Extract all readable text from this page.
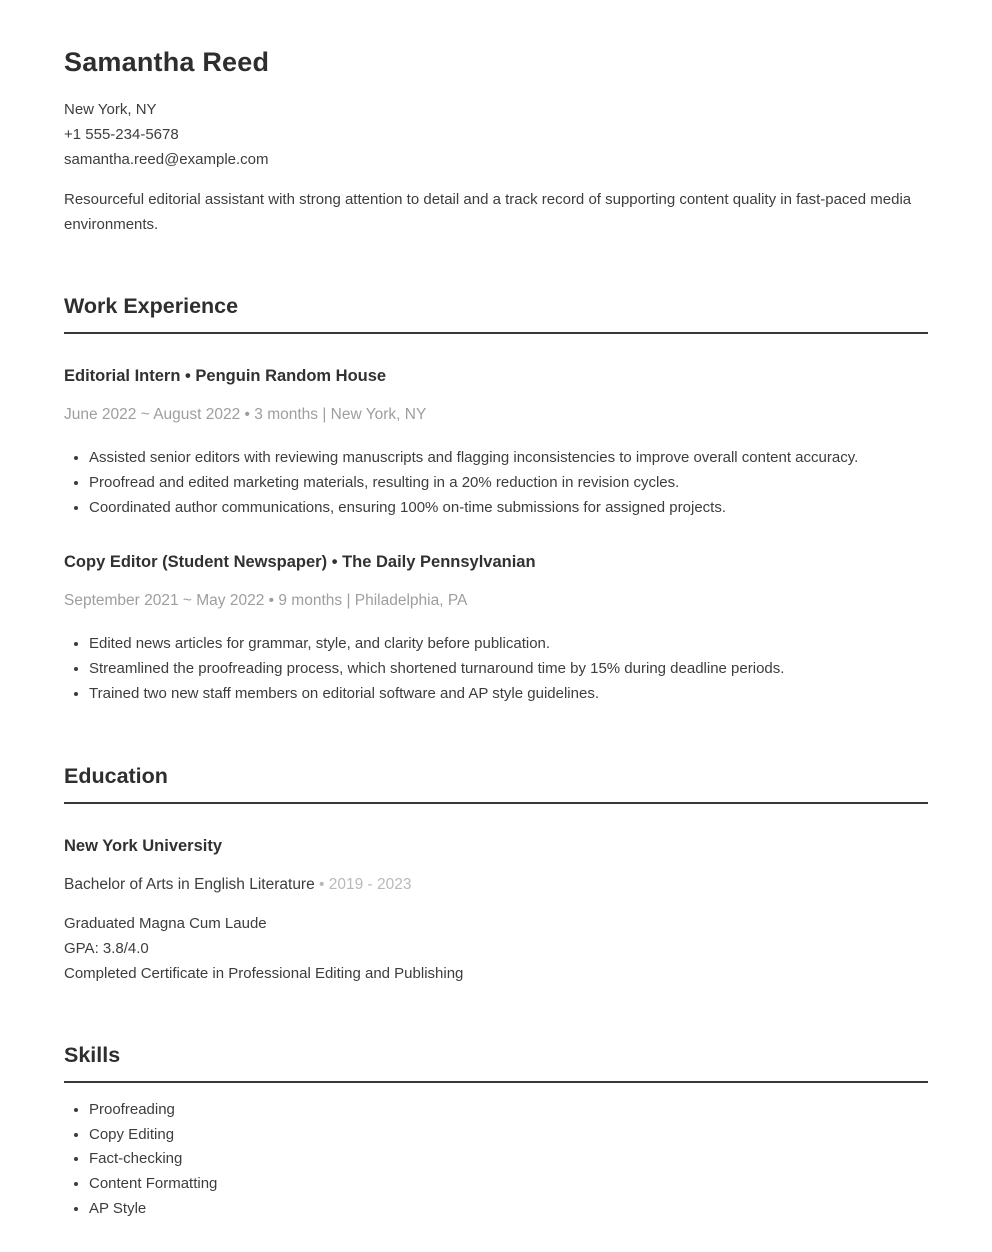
Samantha Reed

New York, NY

+1 555-234-5678

samantha.reed@example.com

Resourceful editorial assistant with strong attention to detail and a track record of supporting content quality in fast-paced media environments.

Work Experience
Editorial Intern • Penguin Random House

June 2022 ~ August 2022 • 3 months | New York, NY

• Assisted senior editors with reviewing manuscripts and flagging inconsistencies to improve overall content accuracy.
• Proofread and edited marketing materials, resulting in a 20% reduction in revision cycles.
• Coordinated author communications, ensuring 100% on-time submissions for assigned projects.
Copy Editor (Student Newspaper) • The Daily Pennsylvanian

September 2021 ~ May 2022 • 9 months | Philadelphia, PA

• Edited news articles for grammar, style, and clarity before publication.
• Streamlined the proofreading process, which shortened turnaround time by 15% during deadline periods.
• Trained two new staff members on editorial software and AP style guidelines.
Education
New York University

Bachelor of Arts in English Literature • 2019 - 2023

Graduated Magna Cum Laude

GPA: 3.8/4.0

Completed Certificate in Professional Editing and Publishing

Skills
• Proofreading
• Copy Editing
• Fact-checking
• Content Formatting
• AP Style
